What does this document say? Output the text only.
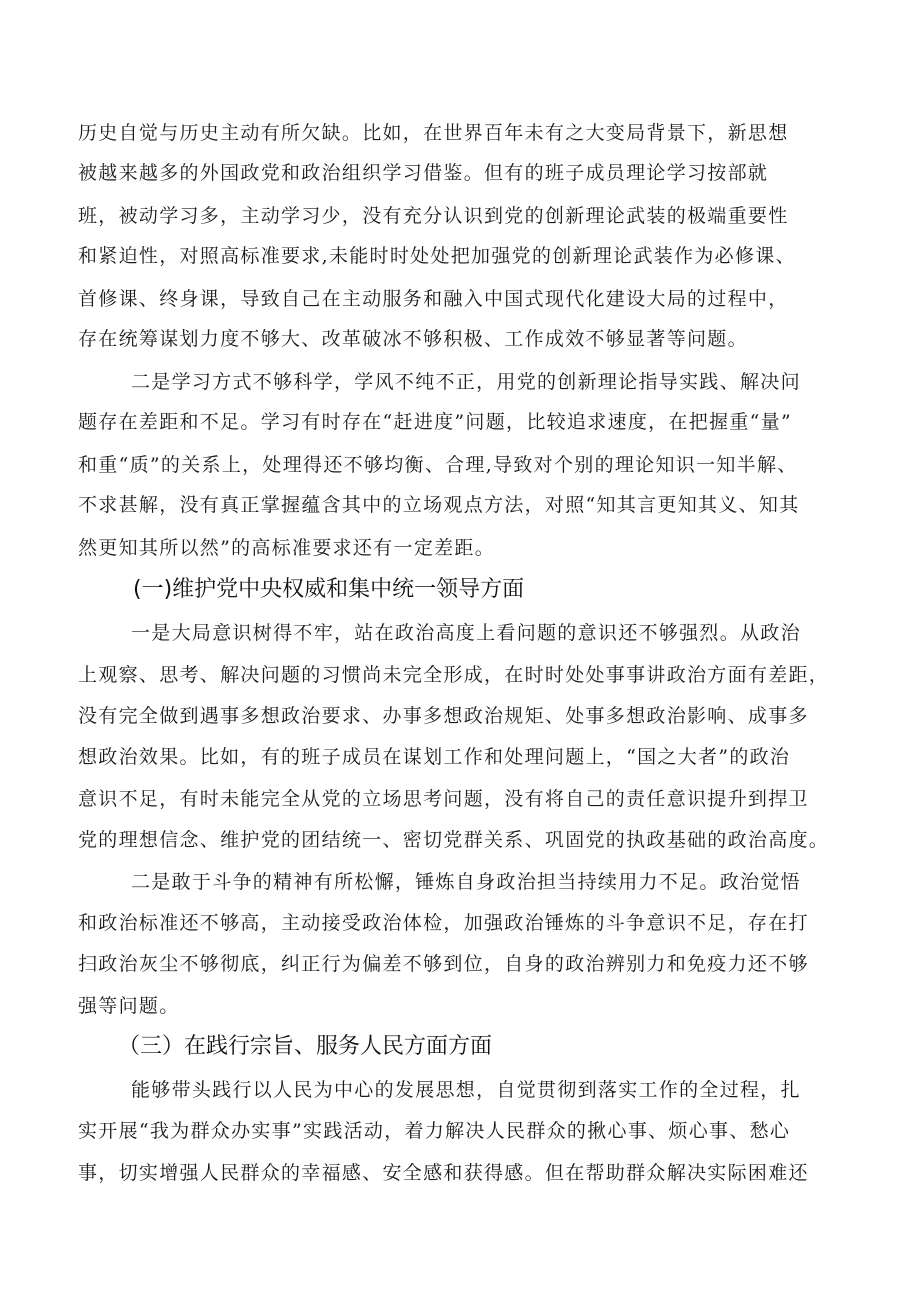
历史自觉与历史主动有所欠缺。比如，在世界百年未有之大变局背景下，新思想
被越来越多的外国政党和政治组织学习借鉴。但有的班子成员理论学习按部就
班，被动学习多，主动学习少，没有充分认识到党的创新理论武装的极端重要性
和紧迫性，对照高标准要求,未能时时处处把加强党的创新理论武装作为必修课、
首修课、终身课，导致自己在主动服务和融入中国式现代化建设大局的过程中，
存在统筹谋划力度不够大、改革破冰不够积极、工作成效不够显著等问题。
二是学习方式不够科学，学风不纯不正，用党的创新理论指导实践、解决问
题存在差距和不足。学习有时存在“赶进度”问题，比较追求速度，在把握重“量”
和重“质”的关系上，处理得还不够均衡、合理,导致对个别的理论知识一知半解、
不求甚解，没有真正掌握蕴含其中的立场观点方法，对照“知其言更知其义、知其
然更知其所以然”的高标准要求还有一定差距。
(一)维护党中央权威和集中统一领导方面
一是大局意识树得不牢，站在政治高度上看问题的意识还不够强烈。从政治
上观察、思考、解决问题的习惯尚未完全形成，在时时处处事事讲政治方面有差距，
没有完全做到遇事多想政治要求、办事多想政治规矩、处事多想政治影响、成事多
想政治效果。比如，有的班子成员在谋划工作和处理问题上，“国之大者”的政治
意识不足，有时未能完全从党的立场思考问题，没有将自己的责任意识提升到捍卫
党的理想信念、维护党的团结统一、密切党群关系、巩固党的执政基础的政治高度。
二是敢于斗争的精神有所松懈，锤炼自身政治担当持续用力不足。政治觉悟
和政治标准还不够高，主动接受政治体检，加强政治锤炼的斗争意识不足，存在打
扫政治灰尘不够彻底，纠正行为偏差不够到位，自身的政治辨别力和免疫力还不够
强等问题。
（三）在践行宗旨、服务人民方面方面
能够带头践行以人民为中心的发展思想，自觉贯彻到落实工作的全过程，扎
实开展“我为群众办实事”实践活动，着力解决人民群众的揪心事、烦心事、愁心
事，切实增强人民群众的幸福感、安全感和获得感。但在帮助群众解决实际困难还
